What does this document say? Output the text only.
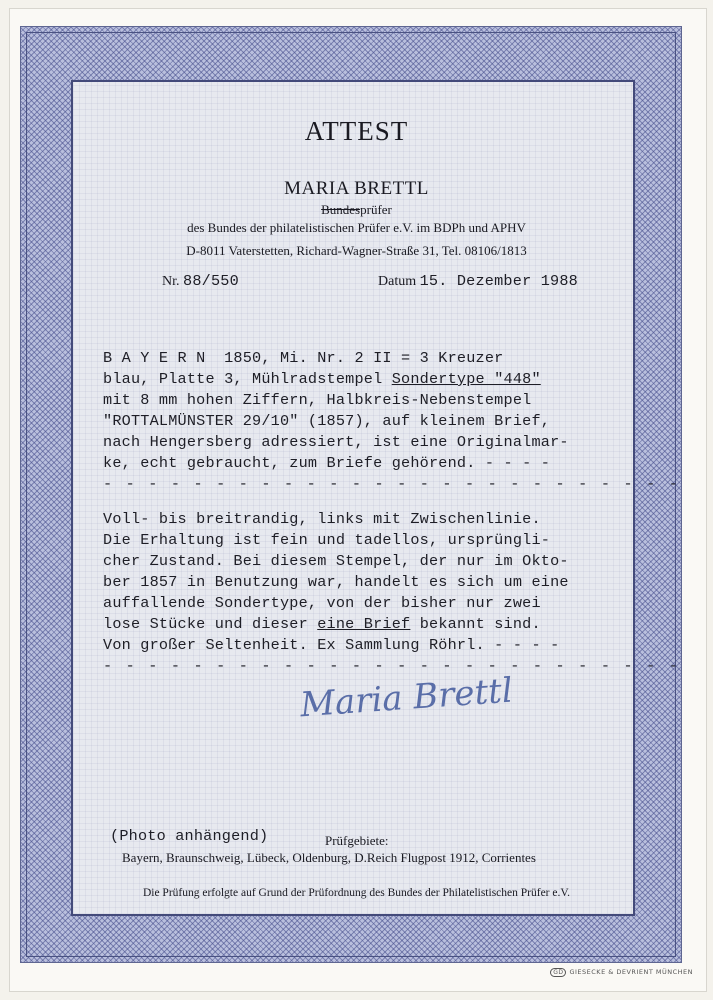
ATTEST
MARIA BRETTL
Bundesprüfer
des Bundes der philatelistischen Prüfer e.V. im BDPh und APHV
D-8011 Vaterstetten, Richard-Wagner-Straße 31, Tel. 08106/1813
Nr. 88/550	Datum 15. Dezember 1988
B A Y E R N  1850, Mi. Nr. 2 II = 3 Kreuzer
blau, Platte 3, Mühlradstempel Sondertype "448"
mit 8 mm hohen Ziffern, Halbkreis-Nebenstempel
"ROTTALMÜNSTER 29/10" (1857), auf kleinem Brief,
nach Hengersberg adressiert, ist eine Originalmar-
ke, echt gebraucht, zum Briefe gehörend. - - - -
- - - - - - - - - - - - - - - - - - - - - - - - - -
Voll- bis breitrandig, links mit Zwischenlinie.
Die Erhaltung ist fein und tadellos, ursprüngli-
cher Zustand. Bei diesem Stempel, der nur im Okto-
ber 1857 in Benutzung war, handelt es sich um eine
auffallende Sondertype, von der bisher nur zwei
lose Stücke und dieser eine Brief bekannt sind.
Von großer Seltenheit. Ex Sammlung Röhrl. - - - -
- - - - - - - - - - - - - - - - - - - - - - - - - -
Maria Brettl
(Photo anhängend)	Prüfgebiete:
Bayern, Braunschweig, Lübeck, Oldenburg, D.Reich Flugpost 1912, Corrientes
Die Prüfung erfolgte auf Grund der Prüfordnung des Bundes der Philatelistischen Prüfer e.V.
GD GIESECKE & DEVRIENT MÜNCHEN
